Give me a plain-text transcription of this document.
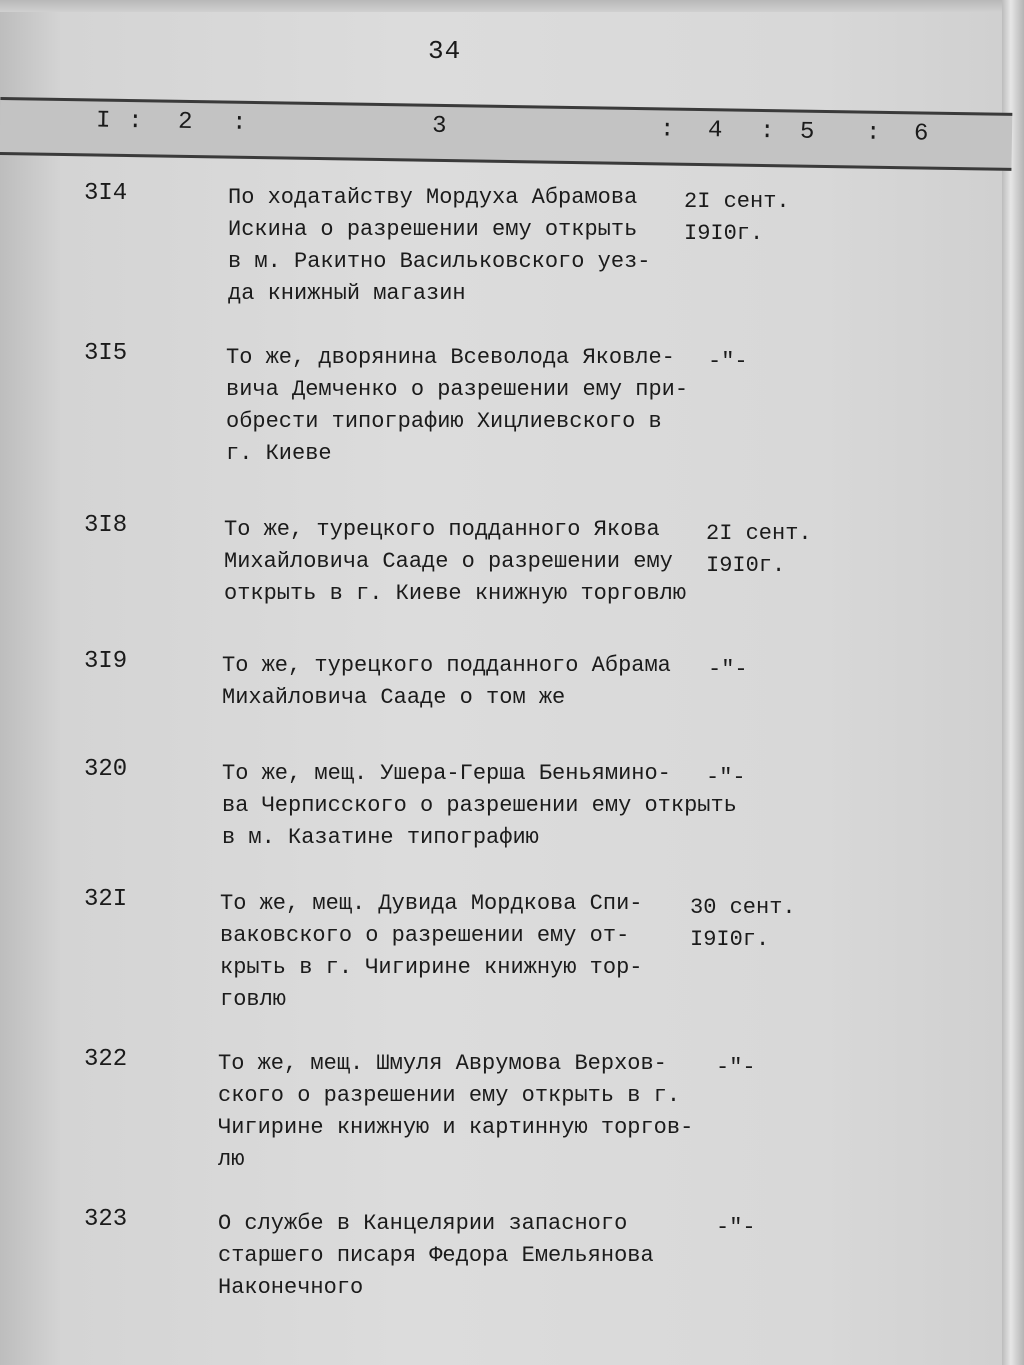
34
I : 2 :	3	: 4 : 5 : 6
3I4	По ходатайству Мордуха Абрамова
Искина о разрешении ему открыть
в м. Ракитно Васильковского уез-
да книжный магазин
2I сент.
I9I0г.
3I5	То же, дворянина Всеволода Яковле-
вича Демченко о разрешении ему при-
обрести типографию Хицлиевского в
г. Киеве
-"-
3I8	То же, турецкого подданного Якова
Михайловича Сааде о разрешении ему
открыть в г. Киеве книжную торговлю
2I сент.
I9I0г.
3I9	То же, турецкого подданного Абрама
Михайловича Сааде о том же
-"-
320	То же, мещ. Ушера-Герша Беньямино-
ва Черписского о разрешении ему открыть
в м. Казатине типографию
-"-
32I	То же, мещ. Дувида Мордкова Спи-
ваковского о разрешении ему от-
крыть в г. Чигирине книжную тор-
говлю
30 сент.
I9I0г.
322	То же, мещ. Шмуля Аврумова Верхов-
ского о разрешении ему открыть в г.
Чигирине книжную и картинную торгов-
лю
-"-
323	О службе в Канцелярии запасного
старшего писаря Федора Емельянова
Наконечного
-"-
